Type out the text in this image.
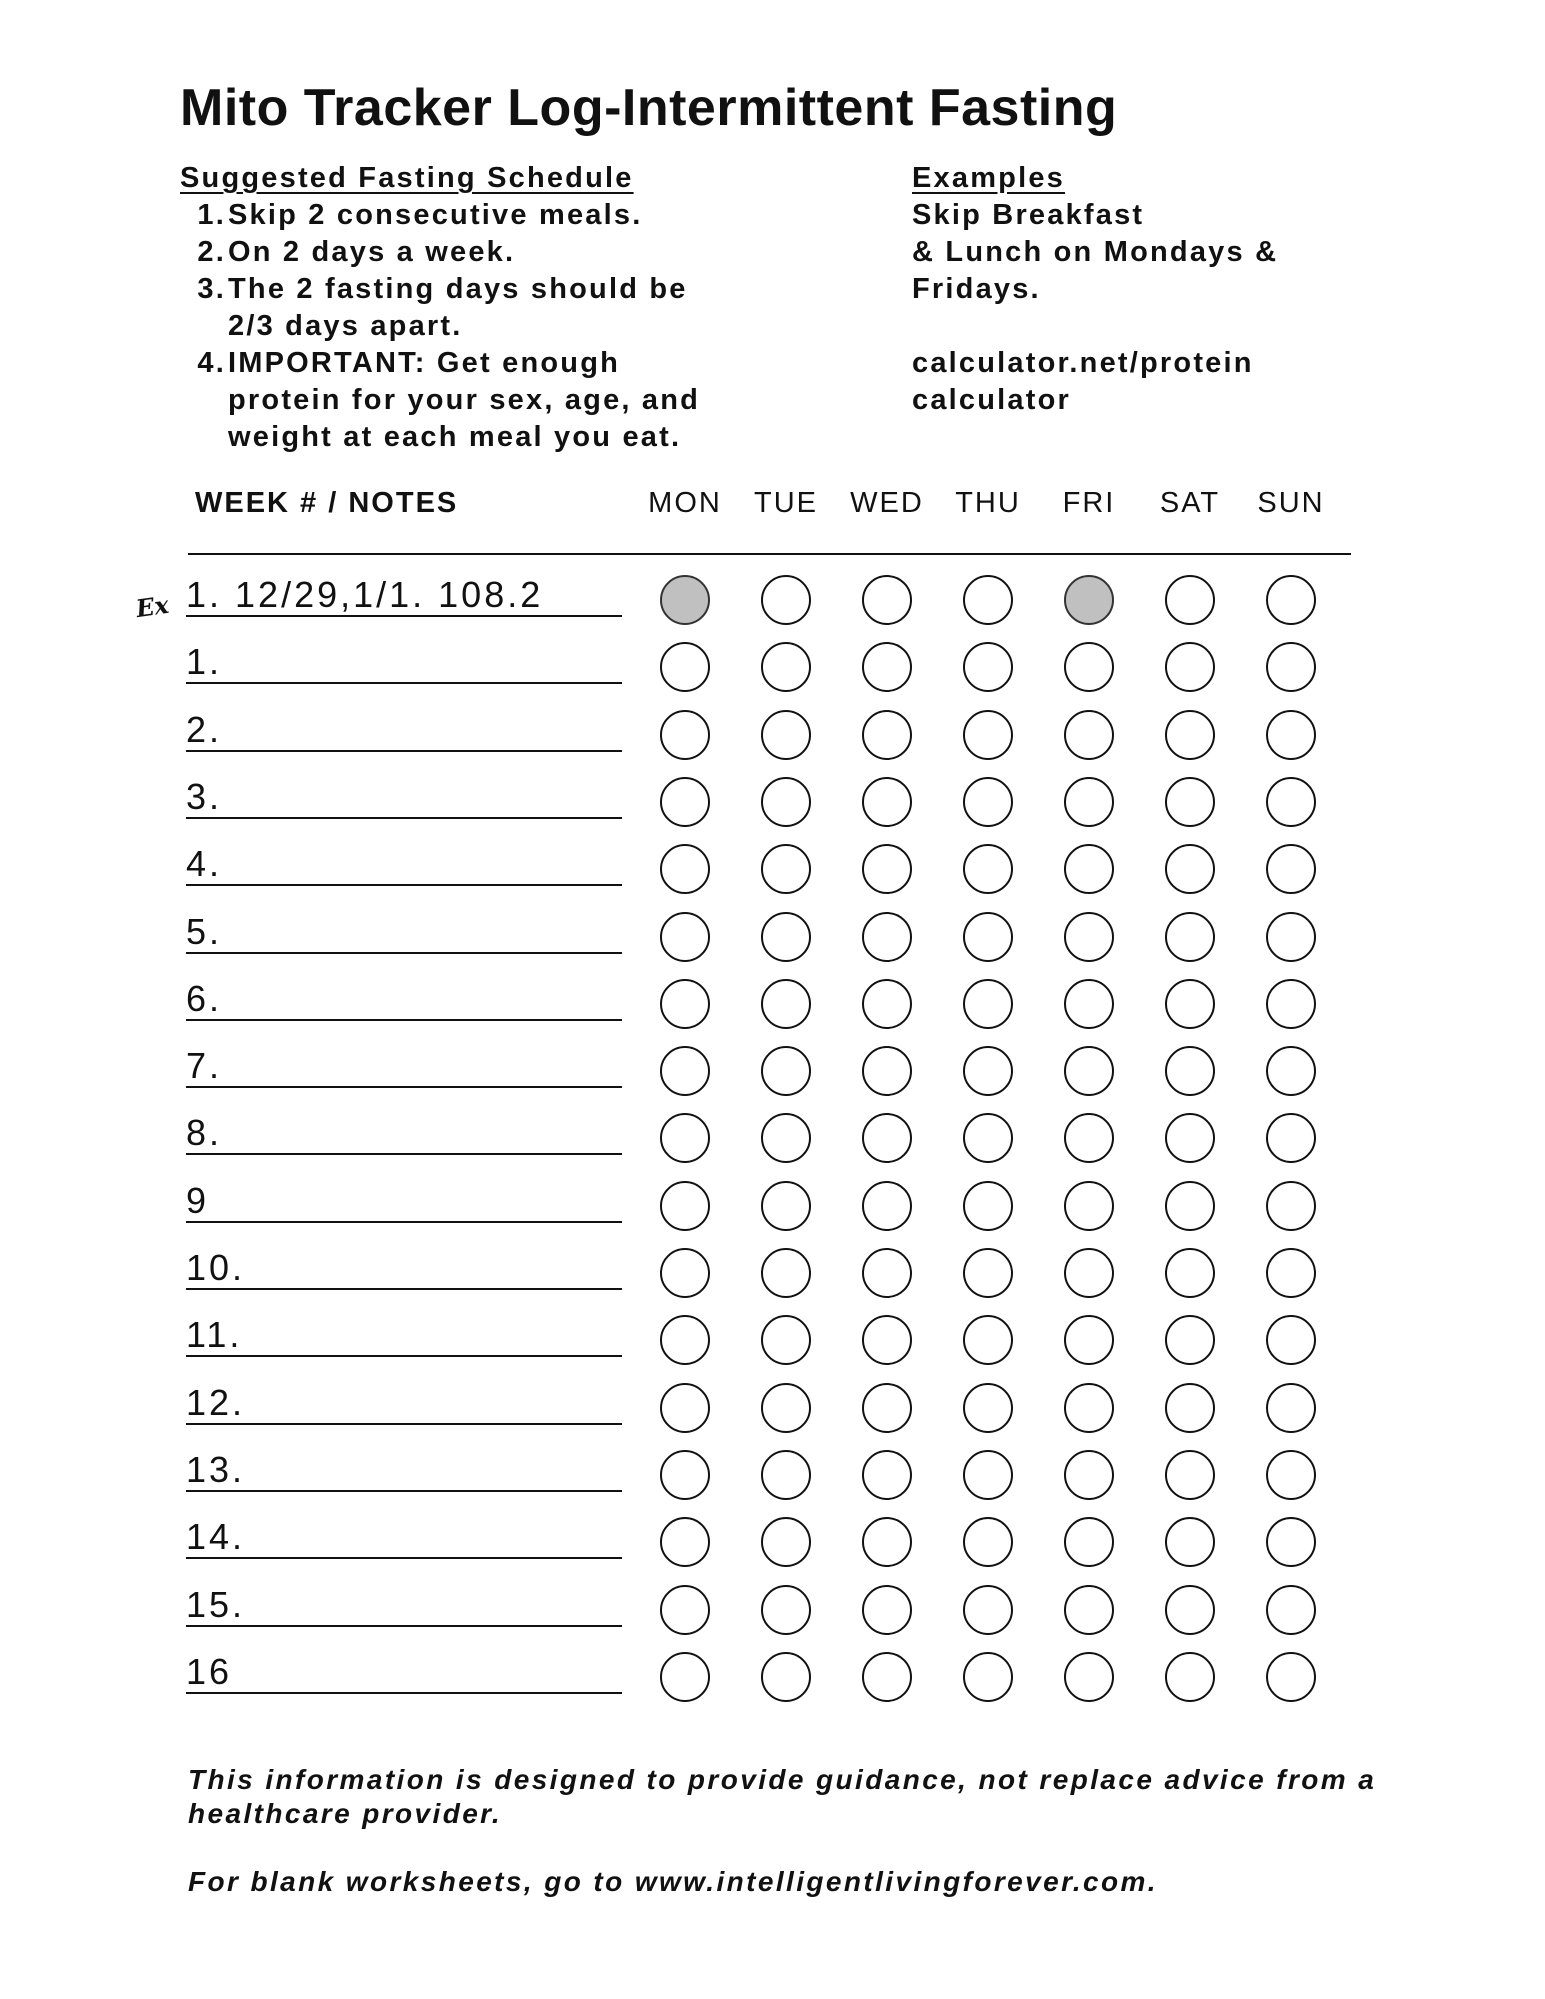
Mito Tracker Log-Intermittent Fasting
Suggested Fasting Schedule
1. Skip 2 consecutive meals.
2. On 2 days a week.
3. The 2 fasting days should be
2/3 days apart.
4. IMPORTANT: Get enough
protein for your sex, age, and
weight at each meal you eat.
Examples
Skip Breakfast
& Lunch on Mondays &
Fridays.
calculator.net/protein
calculator
WEEK # / NOTES	MON	TUE	WED	THU	FRI	SAT	SUN
Ex 1. 12/29,1/1. 108.2
1.
2.
3.
4.
5.
6.
7.
8.
9
10.
11.
12.
13.
14.
15.
16
This information is designed to provide guidance, not replace advice from a healthcare provider.
For blank worksheets, go to www.intelligentlivingforever.com.
